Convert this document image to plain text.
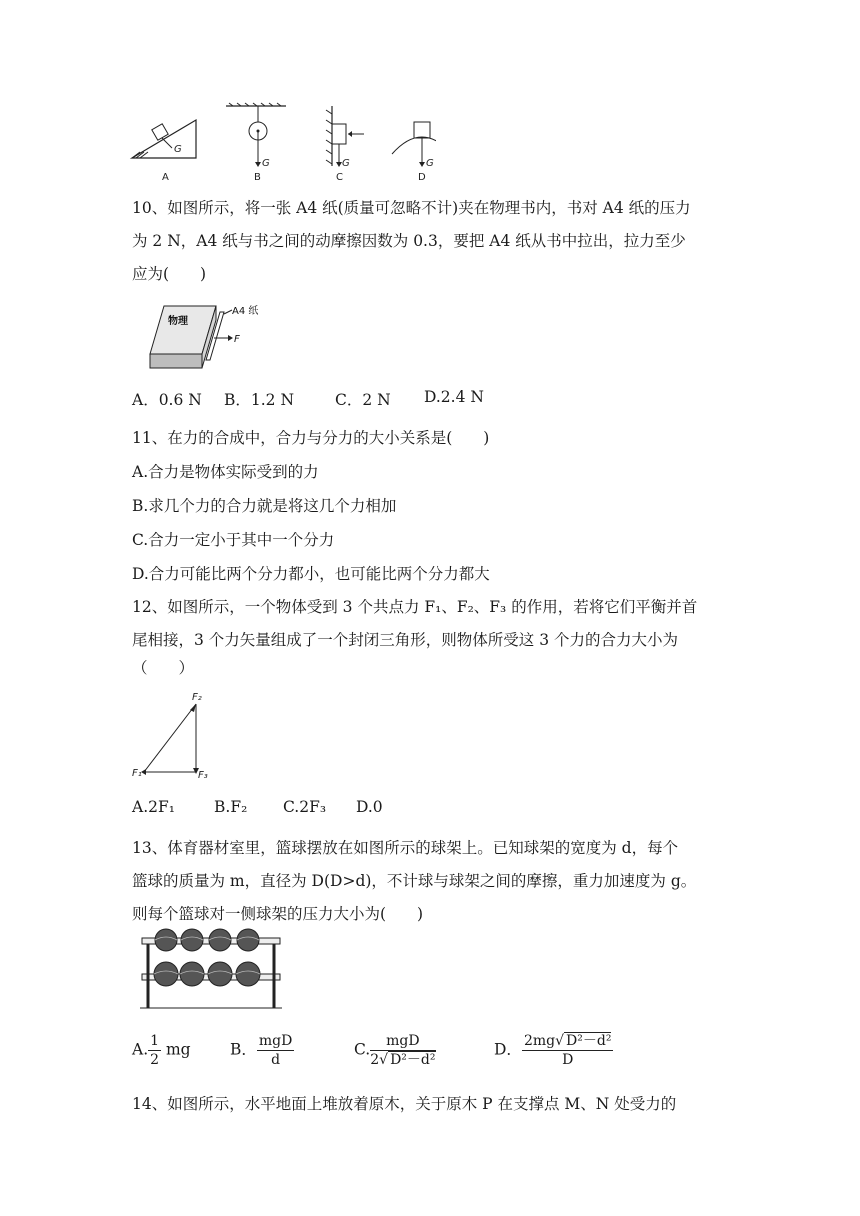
G
A
G
B
G
C
G
D
10、如图所示，将一张 A4 纸(质量可忽略不计)夹在物理书内，书对 A4 纸的压力
为 2 N，A4 纸与书之间的动摩擦因数为 0.3，要把 A4 纸从书中拉出，拉力至少
应为(　　)
物理
A4 纸
F
A．0.6 N B．1.2 N	C．2 N D.2.4 N
11、在力的合成中，合力与分力的大小关系是(　　)
A.合力是物体实际受到的力
B.求几个力的合力就是将这几个力相加
C.合力一定小于其中一个分力
D.合力可能比两个分力都小，也可能比两个分力都大
12、如图所示，一个物体受到 3 个共点力 F₁、F₂、F₃ 的作用，若将它们平衡并首
尾相接，3 个力矢量组成了一个封闭三角形，则物体所受这 3 个力的合力大小为
（　　）
F₂
F₁	F₃
A.2F₁	B.F₂ C.2F₃ D.0
13、体育器材室里，篮球摆放在如图所示的球架上。已知球架的宽度为 d，每个
篮球的质量为 m，直径为 D(D>d)，不计球与球架之间的摩擦，重力加速度为 g。
则每个篮球对一侧球架的压力大小为(　　)
A. $\frac{1}{2}$ mg	B． $\frac{\text{mgD}}{d}$	C. $\frac{\text{mgD}}{\text{2√ D²－d²}}$	D． $\frac{\text{2mg√ D²－d²}}{D}$
14、如图所示，水平地面上堆放着原木，关于原木 P 在支撑点 M、N 处受力的
